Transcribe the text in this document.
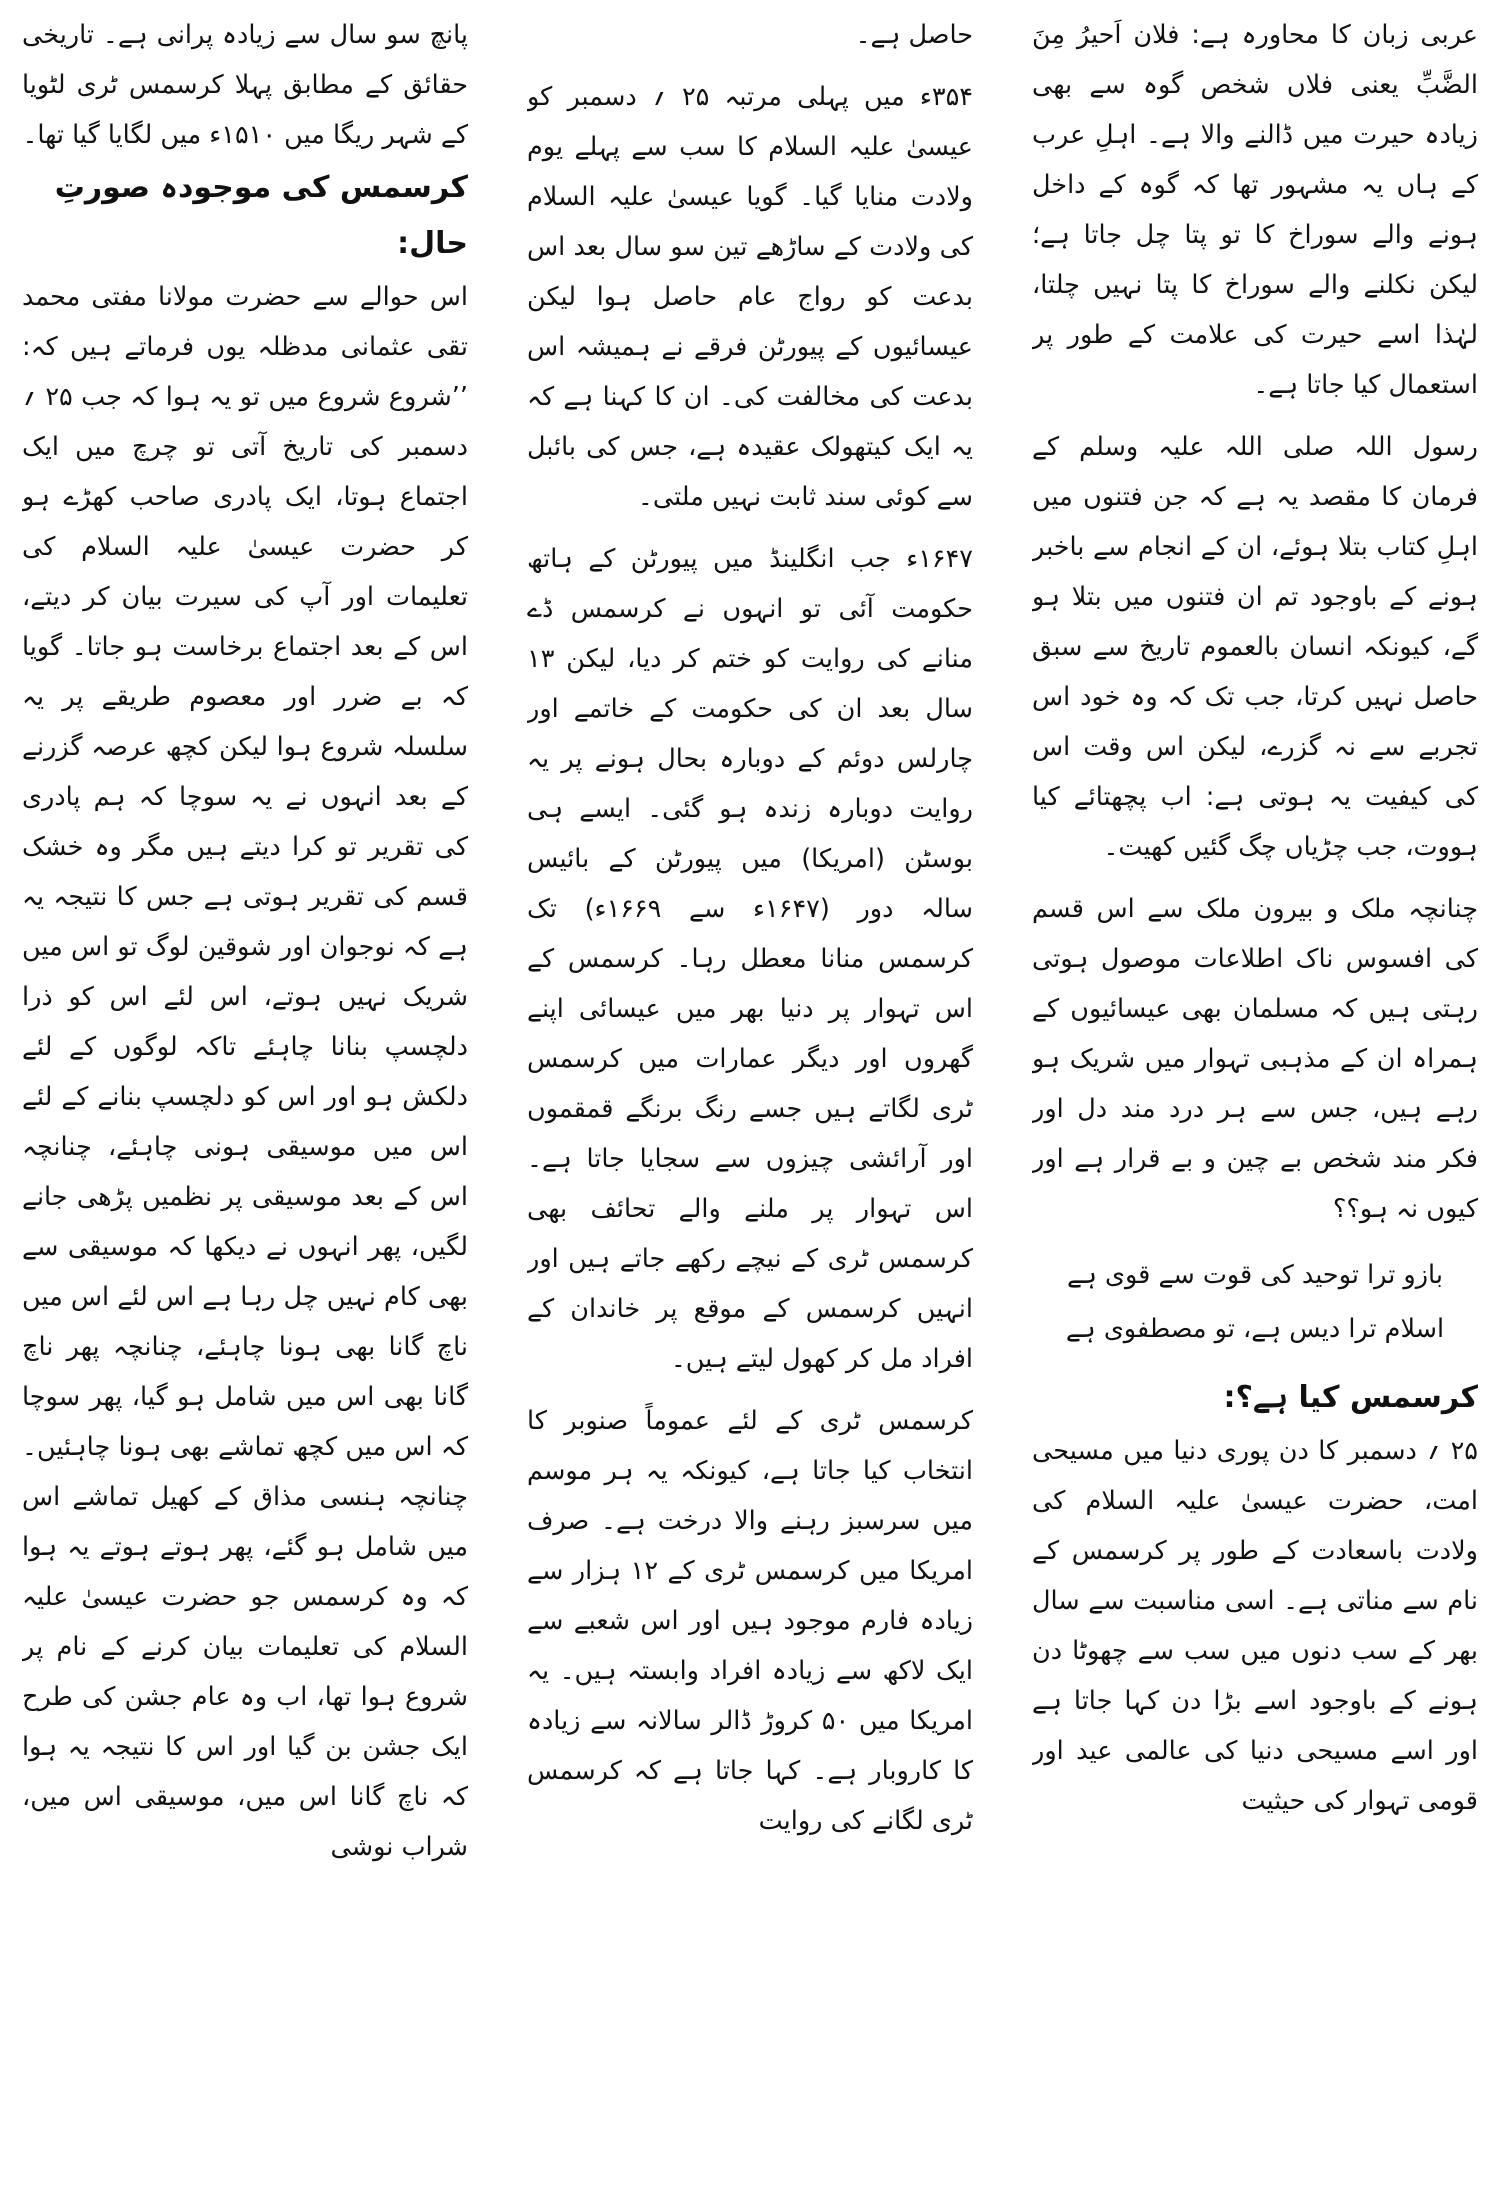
عربی زبان کا محاورہ ہے: فلان اَحیرُ مِنَ الضَّبِّ یعنی فلاں شخص گوہ سے بھی زیادہ حیرت میں ڈالنے والا ہے۔ اہلِ عرب کے ہاں یہ مشہور تھا کہ گوہ کے داخل ہونے والے سوراخ کا تو پتا چل جاتا ہے؛ لیکن نکلنے والے سوراخ کا پتا نہیں چلتا، لہٰذا اسے حیرت کی علامت کے طور پر استعمال کیا جاتا ہے۔

رسول اللہ صلی اللہ علیہ وسلم کے فرمان کا مقصد یہ ہے کہ جن فتنوں میں اہلِ کتاب بتلا ہوئے، ان کے انجام سے باخبر ہونے کے باوجود تم ان فتنوں میں بتلا ہو گے، کیونکہ انسان بالعموم تاریخ سے سبق حاصل نہیں کرتا، جب تک کہ وہ خود اس تجربے سے نہ گزرے، لیکن اس وقت اس کی کیفیت یہ ہوتی ہے: اب پچھتائے کیا ہووت، جب چڑیاں چگ گئیں کھیت۔

چنانچہ ملک و بیرون ملک سے اس قسم کی افسوس ناک اطلاعات موصول ہوتی رہتی ہیں کہ مسلمان بھی عیسائیوں کے ہمراہ ان کے مذہبی تہوار میں شریک ہو رہے ہیں، جس سے ہر درد مند دل اور فکر مند شخص بے چین و بے قرار ہے اور کیوں نہ ہو؟؟

بازو ترا توحید کی قوت سے قوی ہے

اسلام ترا دیس ہے، تو مصطفوی ہے

کرسمس کیا ہے؟:

۲۵ ؍ دسمبر کا دن پوری دنیا میں مسیحی امت، حضرت عیسیٰ علیہ السلام کی ولادت باسعادت کے طور پر کرسمس کے نام سے مناتی ہے۔ اسی مناسبت سے سال بھر کے سب دنوں میں سب سے چھوٹا دن ہونے کے باوجود اسے بڑا دن کہا جاتا ہے اور اسے مسیحی دنیا کی عالمی عید اور قومی تہوار کی حیثیت

حاصل ہے۔

۳۵۴ء میں پہلی مرتبہ ۲۵ ؍ دسمبر کو عیسیٰ علیہ السلام کا سب سے پہلے یوم ولادت منایا گیا۔ گویا عیسیٰ علیہ السلام کی ولادت کے ساڑھے تین سو سال بعد اس بدعت کو رواج عام حاصل ہوا لیکن عیسائیوں کے پیورٹن فرقے نے ہمیشہ اس بدعت کی مخالفت کی۔ ان کا کہنا ہے کہ یہ ایک کیتھولک عقیدہ ہے، جس کی بائبل سے کوئی سند ثابت نہیں ملتی۔

۱۶۴۷ء جب انگلینڈ میں پیورٹن کے ہاتھ حکومت آئی تو انہوں نے کرسمس ڈے منانے کی روایت کو ختم کر دیا، لیکن ۱۳ سال بعد ان کی حکومت کے خاتمے اور چارلس دوئم کے دوبارہ بحال ہونے پر یہ روایت دوبارہ زندہ ہو گئی۔ ایسے ہی بوسٹن (امریکا) میں پیورٹن کے بائیس سالہ دور (۱۶۴۷ء سے ۱۶۶۹ء) تک کرسمس منانا معطل رہا۔ کرسمس کے اس تہوار پر دنیا بھر میں عیسائی اپنے گھروں اور دیگر عمارات میں کرسمس ٹری لگاتے ہیں جسے رنگ برنگے قمقموں اور آرائشی چیزوں سے سجایا جاتا ہے۔ اس تہوار پر ملنے والے تحائف بھی کرسمس ٹری کے نیچے رکھے جاتے ہیں اور انہیں کرسمس کے موقع پر خاندان کے افراد مل کر کھول لیتے ہیں۔

کرسمس ٹری کے لئے عموماً صنوبر کا انتخاب کیا جاتا ہے، کیونکہ یہ ہر موسم میں سرسبز رہنے والا درخت ہے۔ صرف امریکا میں کرسمس ٹری کے ۱۲ ہزار سے زیادہ فارم موجود ہیں اور اس شعبے سے ایک لاکھ سے زیادہ افراد وابستہ ہیں۔ یہ امریکا میں ۵۰ کروڑ ڈالر سالانہ سے زیادہ کا کاروبار ہے۔ کہا جاتا ہے کہ کرسمس ٹری لگانے کی روایت

پانچ سو سال سے زیادہ پرانی ہے۔ تاریخی حقائق کے مطابق پہلا کرسمس ٹری لٹویا کے شہر ریگا میں ۱۵۱۰ء میں لگایا گیا تھا۔

کرسمس کی موجودہ صورتِ حال:

اس حوالے سے حضرت مولانا مفتی محمد تقی عثمانی مدظلہ یوں فرماتے ہیں کہ: ’’شروع شروع میں تو یہ ہوا کہ جب ۲۵ ؍ دسمبر کی تاریخ آتی تو چرچ میں ایک اجتماع ہوتا، ایک پادری صاحب کھڑے ہو کر حضرت عیسیٰ علیہ السلام کی تعلیمات اور آپ کی سیرت بیان کر دیتے، اس کے بعد اجتماع برخاست ہو جاتا۔ گویا کہ بے ضرر اور معصوم طریقے پر یہ سلسلہ شروع ہوا لیکن کچھ عرصہ گزرنے کے بعد انہوں نے یہ سوچا کہ ہم پادری کی تقریر تو کرا دیتے ہیں مگر وہ خشک قسم کی تقریر ہوتی ہے جس کا نتیجہ یہ ہے کہ نوجوان اور شوقین لوگ تو اس میں شریک نہیں ہوتے، اس لئے اس کو ذرا دلچسپ بنانا چاہئے تاکہ لوگوں کے لئے دلکش ہو اور اس کو دلچسپ بنانے کے لئے اس میں موسیقی ہونی چاہئے، چنانچہ اس کے بعد موسیقی پر نظمیں پڑھی جانے لگیں، پھر انہوں نے دیکھا کہ موسیقی سے بھی کام نہیں چل رہا ہے اس لئے اس میں ناچ گانا بھی ہونا چاہئے، چنانچہ پھر ناچ گانا بھی اس میں شامل ہو گیا، پھر سوچا کہ اس میں کچھ تماشے بھی ہونا چاہئیں۔ چنانچہ ہنسی مذاق کے کھیل تماشے اس میں شامل ہو گئے، پھر ہوتے ہوتے یہ ہوا کہ وہ کرسمس جو حضرت عیسیٰ علیہ السلام کی تعلیمات بیان کرنے کے نام پر شروع ہوا تھا، اب وہ عام جشن کی طرح ایک جشن بن گیا اور اس کا نتیجہ یہ ہوا کہ ناچ گانا اس میں، موسیقی اس میں، شراب نوشی
